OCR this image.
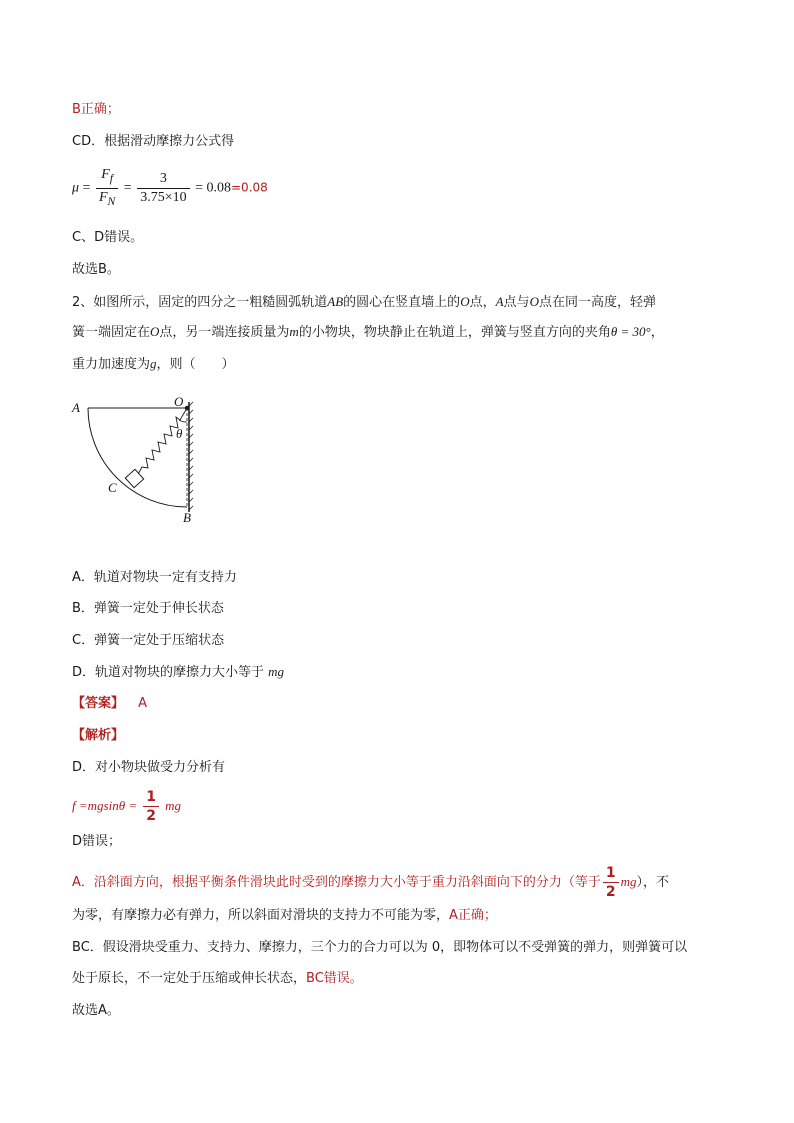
B正确；
CD．根据滑动摩擦力公式得
$\mu = \frac{F_f}{F_N} = \frac{3}{3.75\times 10} = 0.08=0.08$
C、D错误。
故选B。
2、如图所示，固定的四分之一粗糙圆弧轨道AB的圆心在竖直墙上的O点，A点与O点在同一高度，轻弹
簧一端固定在O点，另一端连接质量为m的小物块，物块静止在轨道上，弹簧与竖直方向的夹角θ = 30°，
重力加速度为g，则（　　）
A	O
θ
C
B
A．轨道对物块一定有支持力
B．弹簧一定处于伸长状态
C．弹簧一定处于压缩状态
D．轨道对物块的摩擦力大小等于 mg
【答案】 A
【解析】
D．对小物块做受力分析有
$f =mgsin\theta = \frac{1}{2}$ mg
D错误；
A．沿斜面方向，根据平衡条件滑块此时受到的摩擦力大小等于重力沿斜面向下的分力（等于 $\frac{1}{2} mg$），不
为零，有摩擦力必有弹力，所以斜面对滑块的支持力不可能为零，A正确；
BC．假设滑块受重力、支持力、摩擦力，三个力的合力可以为 0，即物体可以不受弹簧的弹力，则弹簧可以
处于原长，不一定处于压缩或伸长状态，BC错误。
故选A。
